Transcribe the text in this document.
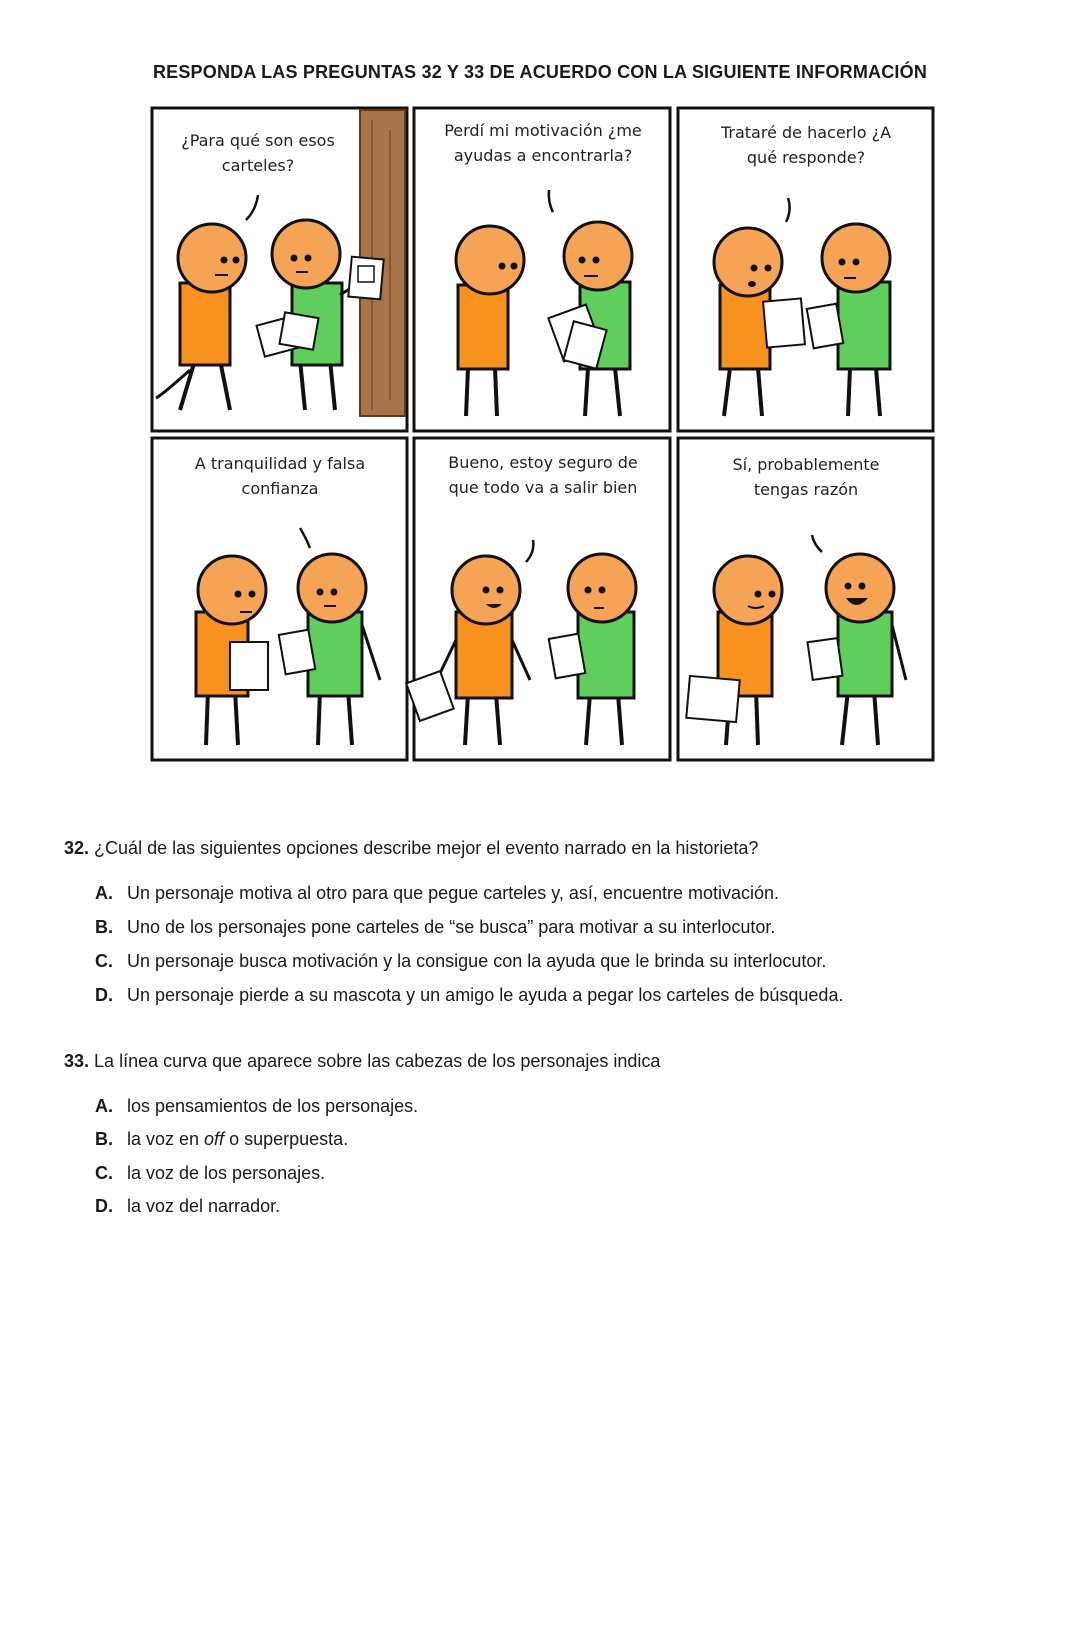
RESPONDA LAS PREGUNTAS 32 Y 33 DE ACUERDO CON LA SIGUIENTE INFORMACIÓN
¿Para qué son esos
carteles?
Perdí mi motivación ¿me
ayudas a encontrarla?
Trataré de hacerlo ¿A
qué responde?
A tranquilidad y falsa
confianza
Bueno, estoy seguro de
que todo va a salir bien
Sí, probablemente
tengas razón
32. ¿Cuál de las siguientes opciones describe mejor el evento narrado en la historieta?
A. Un personaje motiva al otro para que pegue carteles y, así, encuentre motivación.
B. Uno de los personajes pone carteles de “se busca” para motivar a su interlocutor.
C. Un personaje busca motivación y la consigue con la ayuda que le brinda su interlocutor.
D. Un personaje pierde a su mascota y un amigo le ayuda a pegar los carteles de búsqueda.
33. La línea curva que aparece sobre las cabezas de los personajes indica
A. los pensamientos de los personajes.
B. la voz en off o superpuesta.
C. la voz de los personajes.
D. la voz del narrador.
